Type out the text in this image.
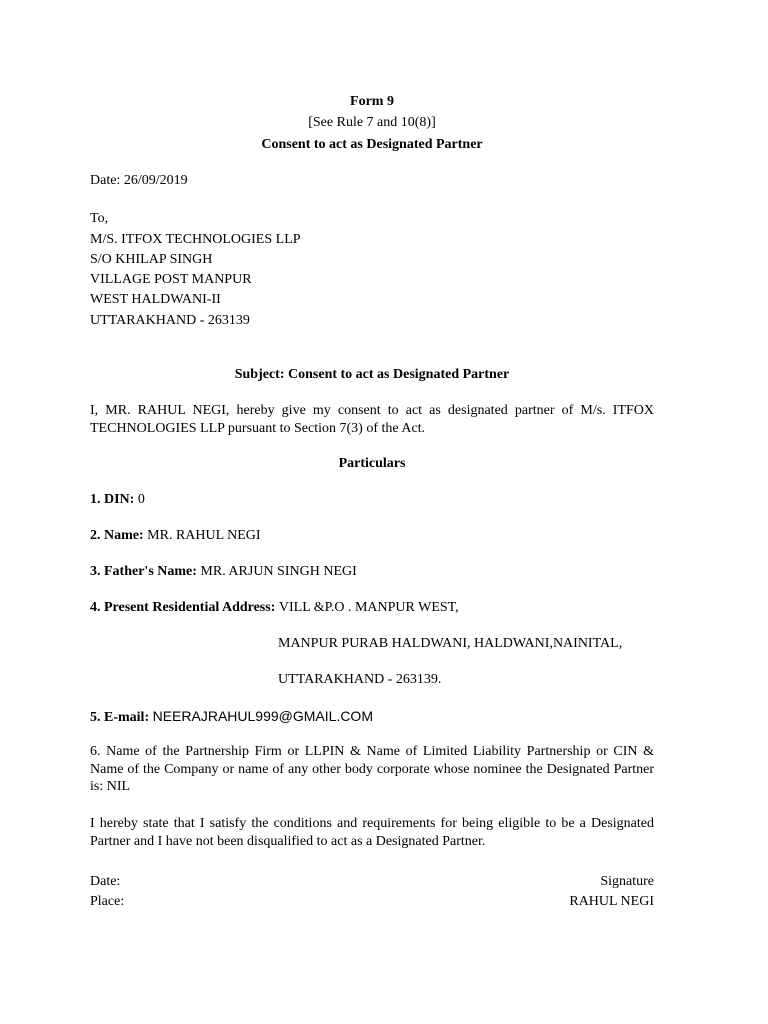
Form 9
[See Rule 7 and 10(8)]
Consent to act as Designated Partner
Date: 26/09/2019
To,
M/S. ITFOX TECHNOLOGIES LLP
S/O KHILAP SINGH
VILLAGE POST MANPUR
WEST HALDWANI-II
UTTARAKHAND - 263139
Subject: Consent to act as Designated Partner
I, MR. RAHUL NEGI, hereby give my consent to act as designated partner of M/s. ITFOX TECHNOLOGIES LLP pursuant to Section 7(3) of the Act.
Particulars
1. DIN: 0
2. Name: MR. RAHUL NEGI
3. Father's Name: MR. ARJUN SINGH NEGI
4. Present Residential Address: VILL &P.O . MANPUR WEST,
MANPUR PURAB HALDWANI, HALDWANI,NAINITAL,
UTTARAKHAND - 263139.
5. E-mail: NEERAJRAHUL999@GMAIL.COM
6. Name of the Partnership Firm or LLPIN & Name of Limited Liability Partnership or CIN & Name of the Company or name of any other body corporate whose nominee the Designated Partner is: NIL
I hereby state that I satisfy the conditions and requirements for being eligible to be a Designated Partner and I have not been disqualified to act as a Designated Partner.
Date:	Signature
Place:	RAHUL NEGI
